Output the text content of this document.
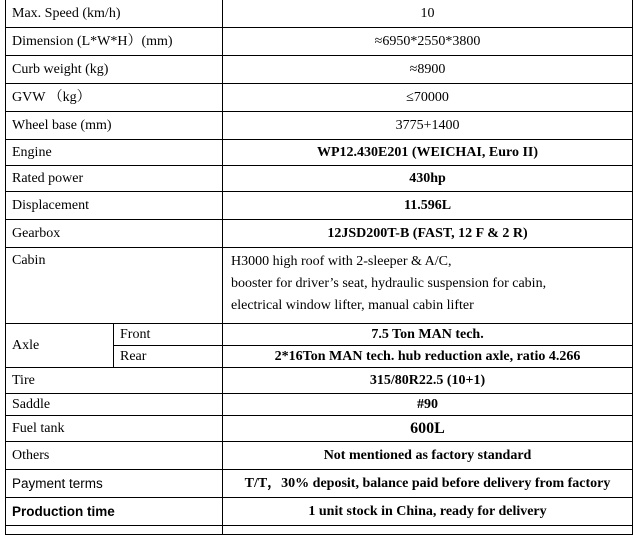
Max. Speed (km/h)		10
Dimension (L*W*H）(mm)		≈6950*2550*3800
Curb weight (kg)		≈8900
GVW （kg）		≤70000
Wheel base (mm)		3775+1400
Engine		WP12.430E201 (WEICHAI, Euro II)
Rated power		430hp
Displacement		11.596L
Gearbox		12JSD200T-B (FAST, 12 F & 2 R)
Cabin		H3000 high roof with 2-sleeper & A/C,
booster for driver’s seat, hydraulic suspension for cabin,
electrical window lifter, manual cabin lifter

Axle	Front	7.5 Ton MAN tech.
	Rear	2*16Ton MAN tech. hub reduction axle, ratio 4.266
Tire		315/80R22.5 (10+1)
Saddle		#90
Fuel tank		600L
Others		Not mentioned as factory standard
Payment terms		T/T，30% deposit, balance paid before delivery from factory
Production time		1 unit stock in China, ready for delivery
